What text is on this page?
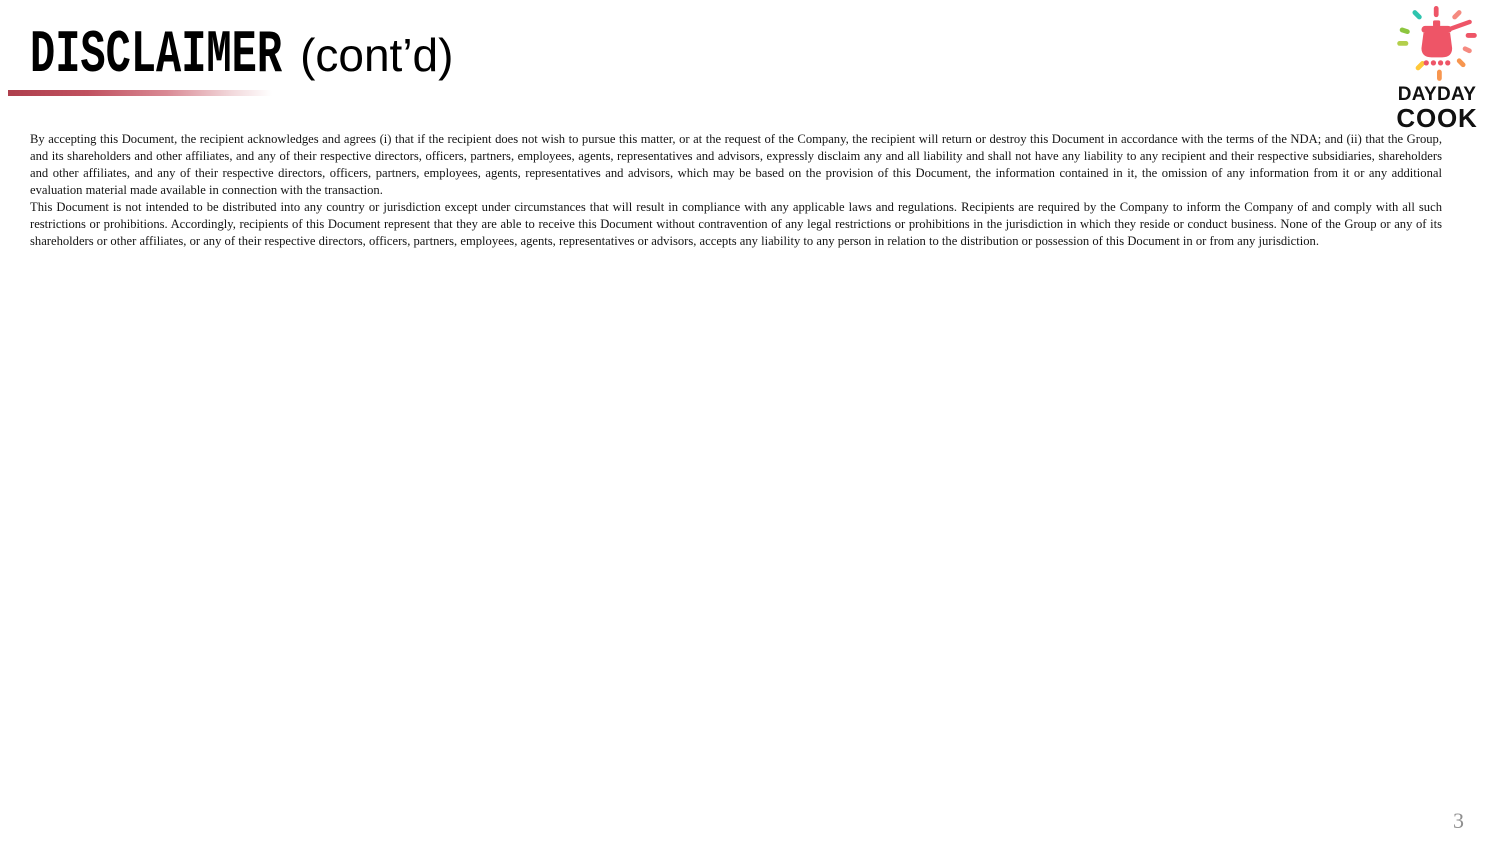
DISCLAIMER (cont’d)
DAYDAY
COOK

By accepting this Document, the recipient acknowledges and agrees (i) that if the recipient does not wish to pursue this matter, or at the request of the Company, the recipient will return or destroy this Document in accordance with the terms of the NDA; and (ii) that the Group, and its shareholders and other affiliates, and any of their respective directors, officers, partners, employees, agents, representatives and advisors, expressly disclaim any and all liability and shall not have any liability to any recipient and their respective subsidiaries, shareholders and other affiliates, and any of their respective directors, officers, partners, employees, agents, representatives and advisors, which may be based on the provision of this Document, the information contained in it, the omission of any information from it or any additional evaluation material made available in connection with the transaction.

This Document is not intended to be distributed into any country or jurisdiction except under circumstances that will result in compliance with any applicable laws and regulations. Recipients are required by the Company to inform the Company of and comply with all such restrictions or prohibitions. Accordingly, recipients of this Document represent that they are able to receive this Document without contravention of any legal restrictions or prohibitions in the jurisdiction in which they reside or conduct business. None of the Group or any of its shareholders or other affiliates, or any of their respective directors, officers, partners, employees, agents, representatives or advisors, accepts any liability to any person in relation to the distribution or possession of this Document in or from any jurisdiction.

3
